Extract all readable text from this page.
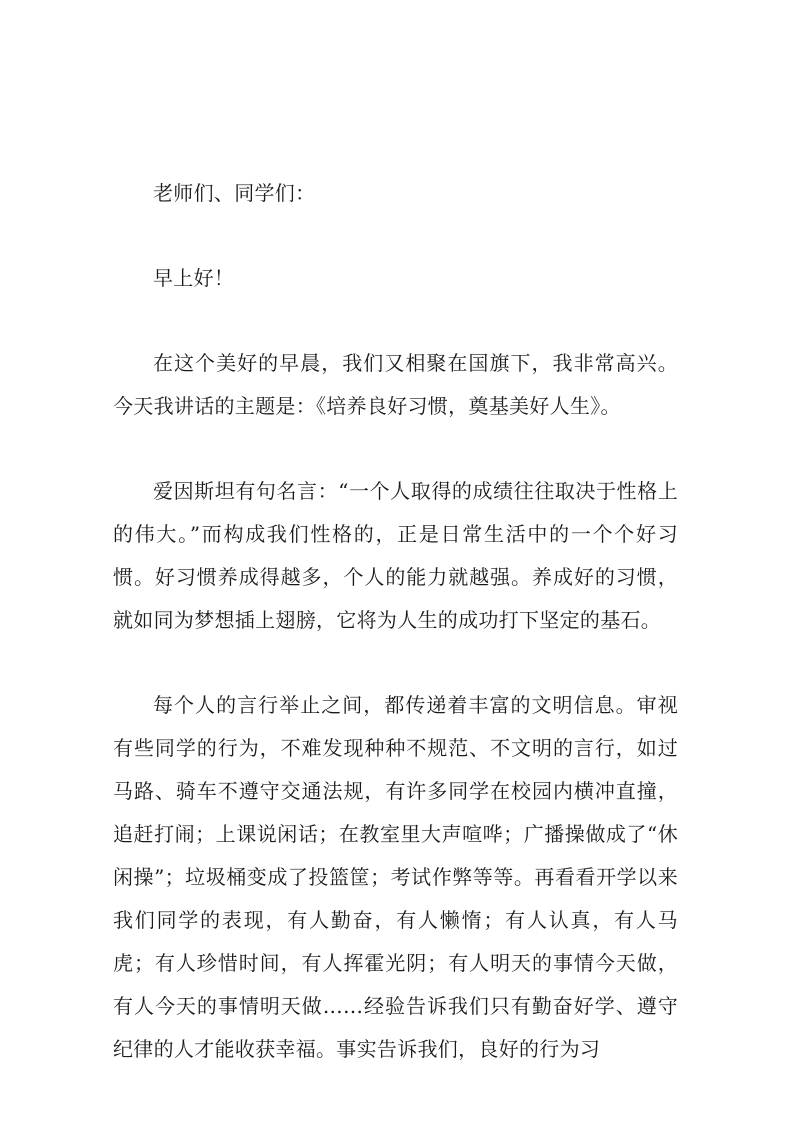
老师们、同学们：

早上好！

在这个美好的早晨，我们又相聚在国旗下，我非常高兴。今天我讲话的主题是：《培养良好习惯，奠基美好人生》。

爱因斯坦有句名言：“一个人取得的成绩往往取决于性格上的伟大。”而构成我们性格的，正是日常生活中的一个个好习惯。好习惯养成得越多，个人的能力就越强。养成好的习惯，就如同为梦想插上翅膀，它将为人生的成功打下坚定的基石。

每个人的言行举止之间，都传递着丰富的文明信息。审视有些同学的行为，不难发现种种不规范、不文明的言行，如过马路、骑车不遵守交通法规，有许多同学在校园内横冲直撞，追赶打闹；上课说闲话；在教室里大声喧哗；广播操做成了“休闲操”；垃圾桶变成了投篮筐；考试作弊等等。再看看开学以来我们同学的表现，有人勤奋，有人懒惰；有人认真，有人马虎；有人珍惜时间，有人挥霍光阴；有人明天的事情今天做，有人今天的事情明天做……经验告诉我们只有勤奋好学、遵守纪律的人才能收获幸福。事实告诉我们，良好的行为习
